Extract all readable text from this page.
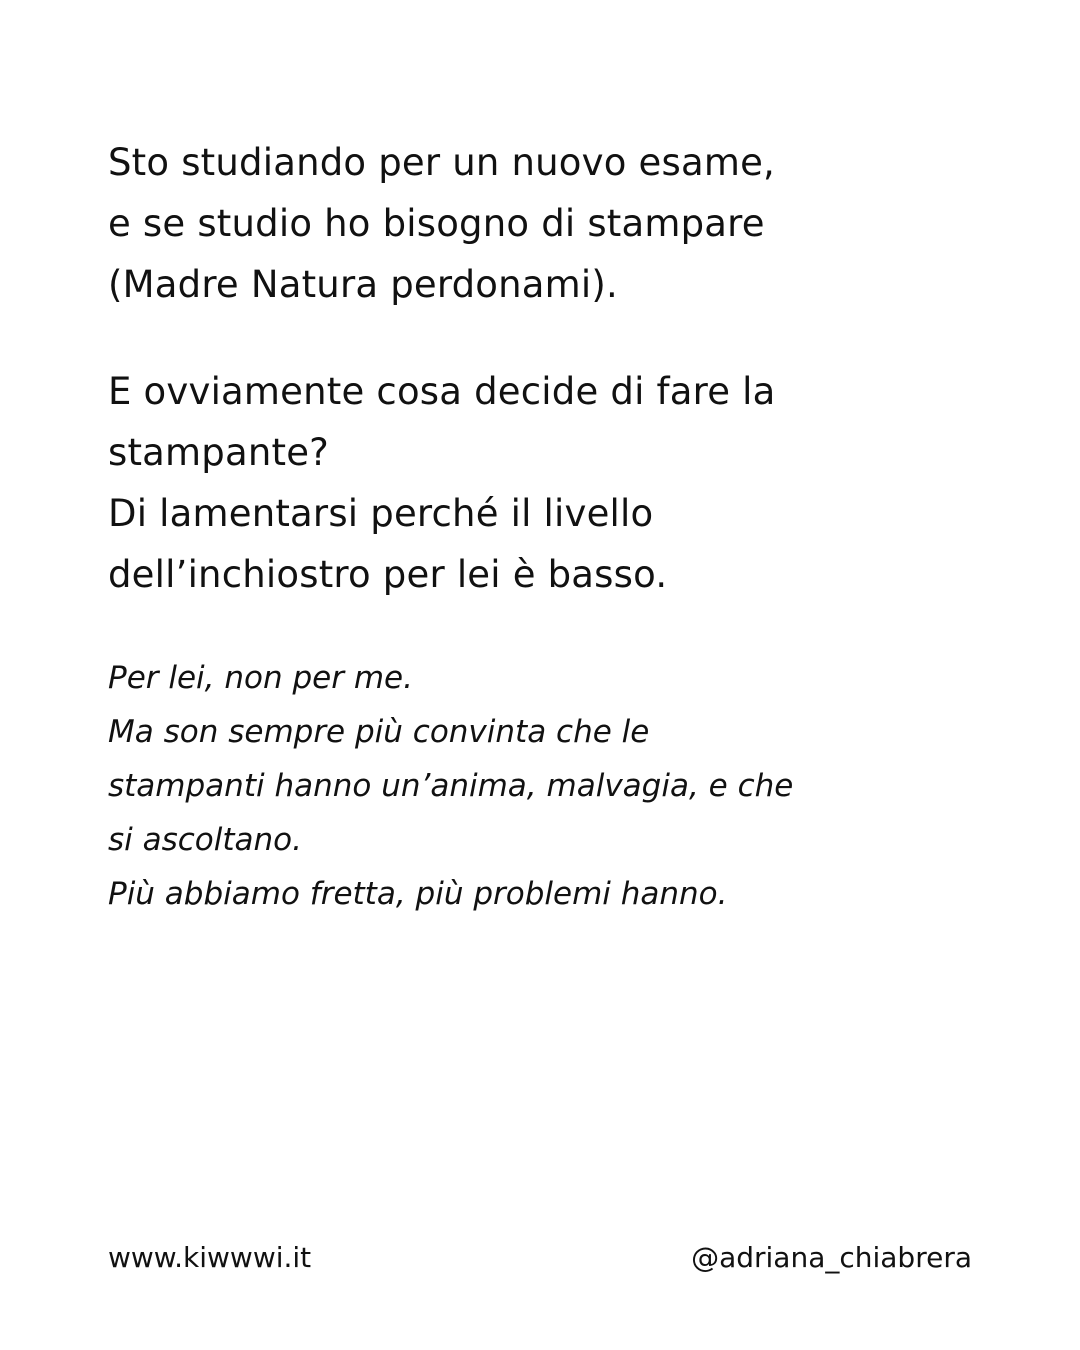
Sto studiando per un nuovo esame,
e se studio ho bisogno di stampare
(Madre Natura perdonami).
E ovviamente cosa decide di fare la
stampante?
Di lamentarsi perché il livello
dell’inchiostro per lei è basso.
Per lei, non per me.
Ma son sempre più convinta che le
stampanti hanno un’anima, malvagia, e che
si ascoltano.
Più abbiamo fretta, più problemi hanno.
www.kiwwwi.it	@adriana_chiabrera
